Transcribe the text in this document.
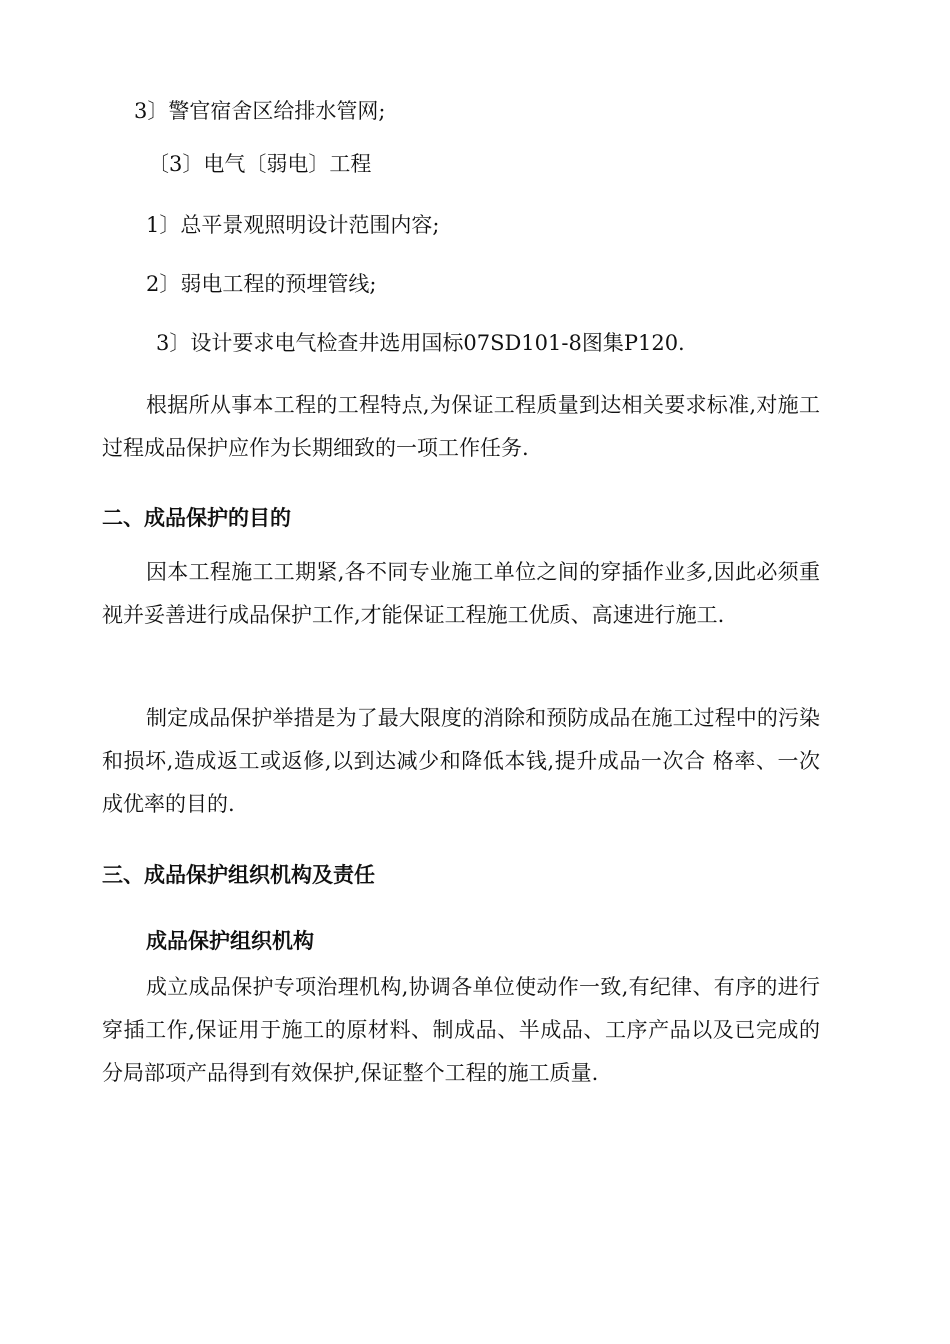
3〕警官宿舍区给排水管网;
〔3〕电气〔弱电〕工程
1〕总平景观照明设计范围内容;
2〕弱电工程的预埋管线;
3〕设计要求电气检查井选用国标07SD101-8图集P120.
根据所从事本工程的工程特点,为保证工程质量到达相关要求标准,对施工过程成品保护应作为长期细致的一项工作任务.
二、成品保护的目的
因本工程施工工期紧,各不同专业施工单位之间的穿插作业多,因此必须重视并妥善进行成品保护工作,才能保证工程施工优质、高速进行施工.
制定成品保护举措是为了最大限度的消除和预防成品在施工过程中的污染和损坏,造成返工或返修,以到达减少和降低本钱,提升成品一次合 格率、一次成优率的目的.
三、成品保护组织机构及责任
成品保护组织机构
成立成品保护专项治理机构,协调各单位使动作一致,有纪律、有序的进行穿插工作,保证用于施工的原材料、制成品、半成品、工序产品以及已完成的分局部项产品得到有效保护,保证整个工程的施工质量.
